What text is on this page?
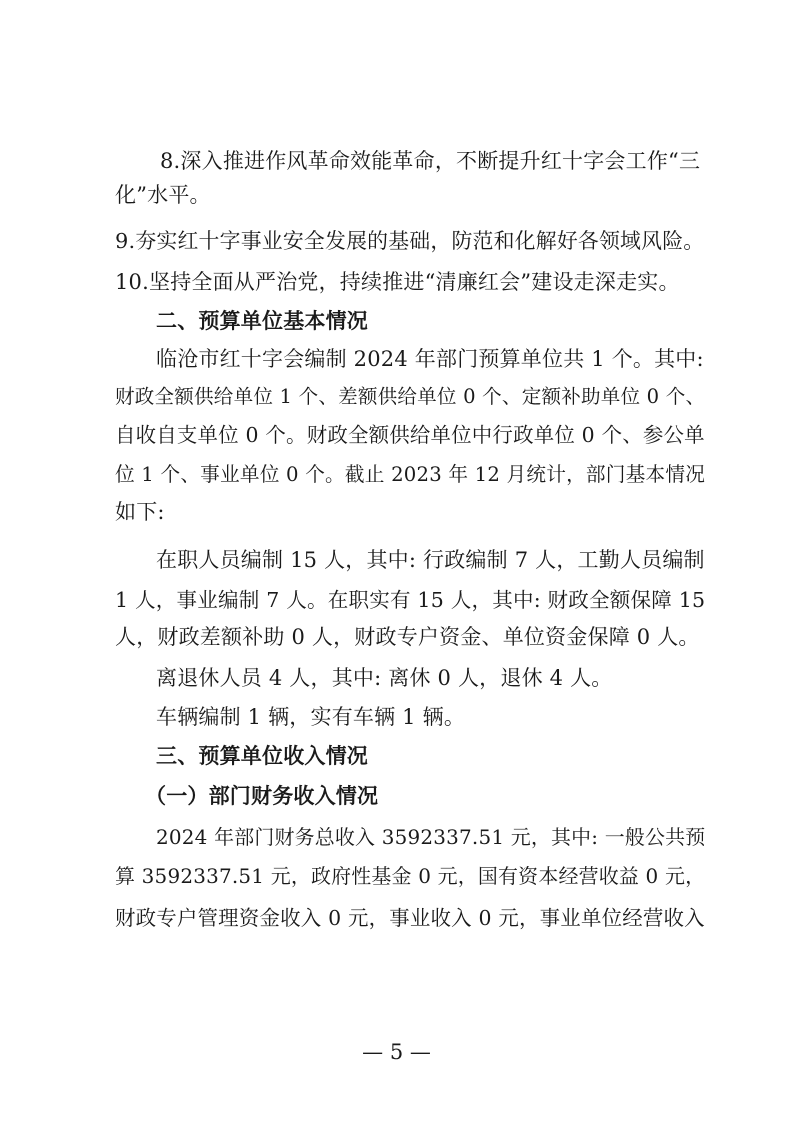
8.深入推进作风革命效能革命，不断提升红十字会工作“三
化”水平。
9.夯实红十字事业安全发展的基础，防范和化解好各领域风险。
10.坚持全面从严治党，持续推进“清廉红会”建设走深走实。
二、预算单位基本情况
临沧市红十字会编制 2024 年部门预算单位共 1 个。其中:
财政全额供给单位 1 个、差额供给单位 0 个、定额补助单位 0 个、
自收自支单位 0 个。财政全额供给单位中行政单位 0 个、参公单
位 1 个、事业单位 0 个。截止 2023 年 12 月统计，部门基本情况
如下:
在职人员编制 15 人，其中: 行政编制 7 人，工勤人员编制
1 人，事业编制 7 人。在职实有 15 人，其中: 财政全额保障 15
人，财政差额补助 0 人，财政专户资金、单位资金保障 0 人。
离退休人员 4 人，其中: 离休 0 人，退休 4 人。
车辆编制 1 辆，实有车辆 1 辆。
三、预算单位收入情况
（一）部门财务收入情况
2024 年部门财务总收入 3592337.51 元，其中: 一般公共预
算 3592337.51 元，政府性基金 0 元，国有资本经营收益 0 元，
财政专户管理资金收入 0 元，事业收入 0 元，事业单位经营收入
— 5 —
